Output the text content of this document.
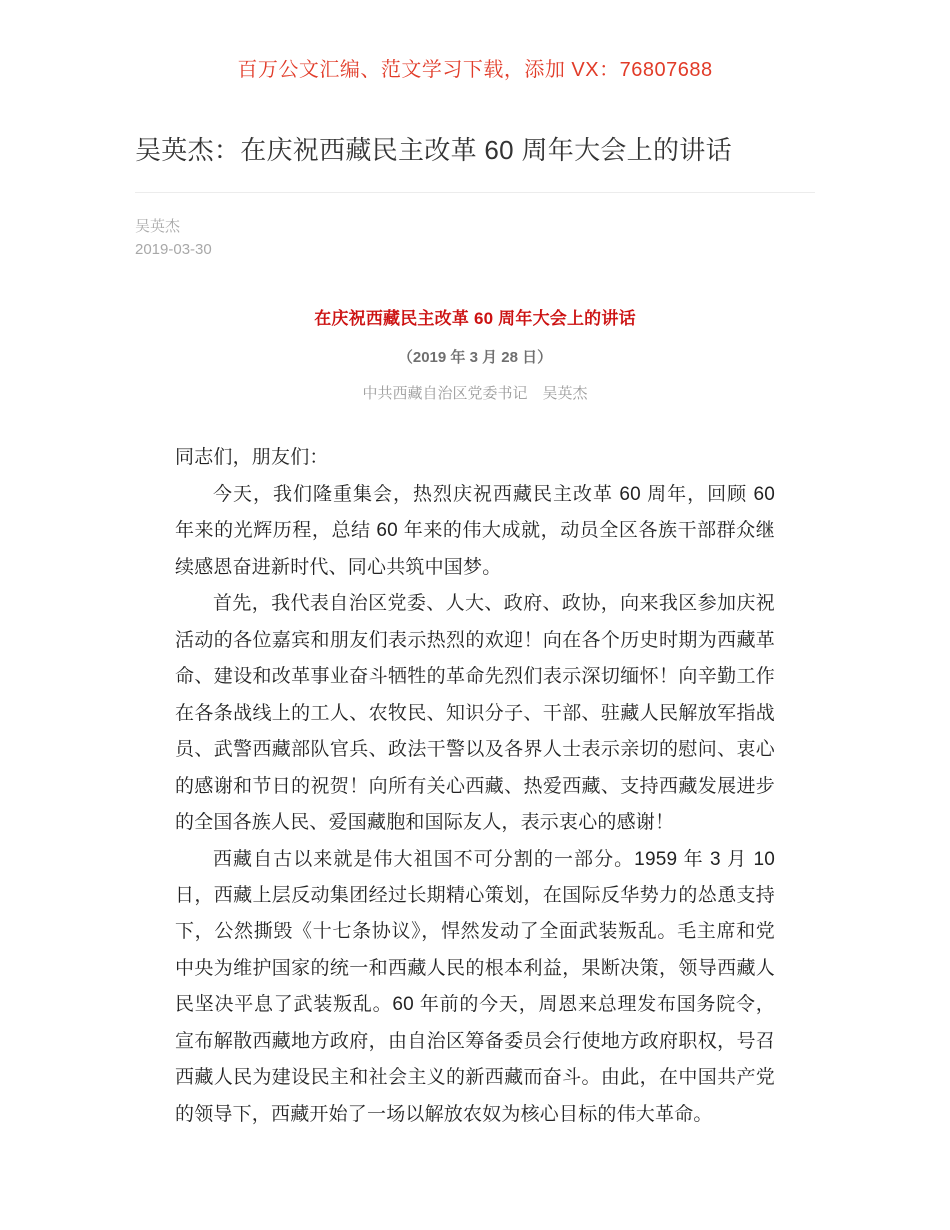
百万公文汇编、范文学习下载，添加 VX：76807688
吴英杰：在庆祝西藏民主改革 60 周年大会上的讲话
吴英杰
2019-03-30

在庆祝西藏民主改革 60 周年大会上的讲话

（2019 年 3 月 28 日）

中共西藏自治区党委书记　吴英杰

同志们，朋友们：

今天，我们隆重集会，热烈庆祝西藏民主改革 60 周年，回顾 60 年来的光辉历程，总结 60 年来的伟大成就，动员全区各族干部群众继续感恩奋进新时代、同心共筑中国梦。

首先，我代表自治区党委、人大、政府、政协，向来我区参加庆祝活动的各位嘉宾和朋友们表示热烈的欢迎！向在各个历史时期为西藏革命、建设和改革事业奋斗牺牲的革命先烈们表示深切缅怀！向辛勤工作在各条战线上的工人、农牧民、知识分子、干部、驻藏人民解放军指战员、武警西藏部队官兵、政法干警以及各界人士表示亲切的慰问、衷心的感谢和节日的祝贺！向所有关心西藏、热爱西藏、支持西藏发展进步的全国各族人民、爱国藏胞和国际友人，表示衷心的感谢！

西藏自古以来就是伟大祖国不可分割的一部分。1959 年 3 月 10 日，西藏上层反动集团经过长期精心策划，在国际反华势力的怂恿支持下，公然撕毁《十七条协议》，悍然发动了全面武装叛乱。毛主席和党中央为维护国家的统一和西藏人民的根本利益，果断决策，领导西藏人民坚决平息了武装叛乱。60 年前的今天，周恩来总理发布国务院令，宣布解散西藏地方政府，由自治区筹备委员会行使地方政府职权，号召西藏人民为建设民主和社会主义的新西藏而奋斗。由此，在中国共产党的领导下，西藏开始了一场以解放农奴为核心目标的伟大革命。
